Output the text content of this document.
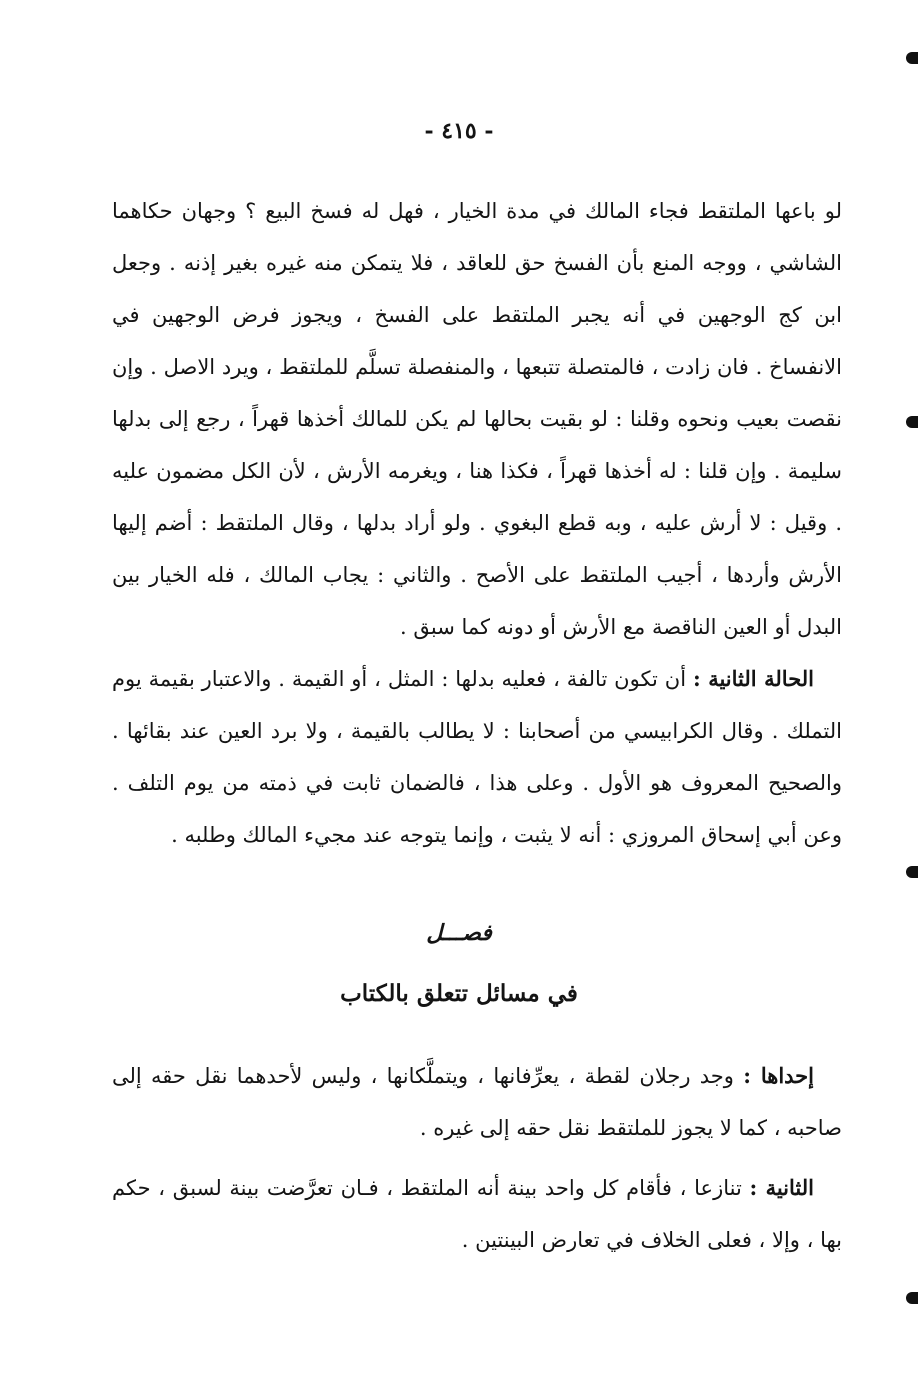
- ٤١٥ -

لو باعها الملتقط فجاء المالك في مدة الخيار ، فهل له فسخ البيع ؟ وجهان حكاهما الشاشي ، ووجه المنع بأن الفسخ حق للعاقد ، فلا يتمكن منه غيره بغير إذنه . وجعل ابن كج الوجهين في أنه يجبر الملتقط على الفسخ ، ويجوز فرض الوجهين في الانفساخ . فان زادت ، فالمتصلة تتبعها ، والمنفصلة تسلَّم للملتقط ، ويرد الاصل . وإن نقصت بعيب ونحوه وقلنا : لو بقيت بحالها لم يكن للمالك أخذها قهراً ، رجع إلى بدلها سليمة . وإن قلنا : له أخذها قهراً ، فكذا هنا ، ويغرمه الأرش ، لأن الكل مضمون عليه . وقيل : لا أرش عليه ، وبه قطع البغوي . ولو أراد بدلها ، وقال الملتقط : أضم إليها الأرش وأردها ، أجيب الملتقط على الأصح . والثاني : يجاب المالك ، فله الخيار بين البدل أو العين الناقصة مع الأرش أو دونه كما سبق .

الحالة الثانية : أن تكون تالفة ، فعليه بدلها : المثل ، أو القيمة . والاعتبار بقيمة يوم التملك . وقال الكرابيسي من أصحابنا : لا يطالب بالقيمة ، ولا برد العين عند بقائها . والصحيح المعروف هو الأول . وعلى هذا ، فالضمان ثابت في ذمته من يوم التلف . وعن أبي إسحاق المروزي : أنه لا يثبت ، وإنما يتوجه عند مجيء المالك وطلبه .

فصـــل
في مسائل تتعلق بالكتاب

إحداها : وجد رجلان لقطة ، يعرِّفانها ، ويتملَّكانها ، وليس لأحدهما نقل حقه إلى صاحبه ، كما لا يجوز للملتقط نقل حقه إلى غيره .

الثانية : تنازعا ، فأقام كل واحد بينة أنه الملتقط ، فـان تعرَّضت بينة لسبق ، حكم بها ، وإلا ، فعلى الخلاف في تعارض البينتين .
